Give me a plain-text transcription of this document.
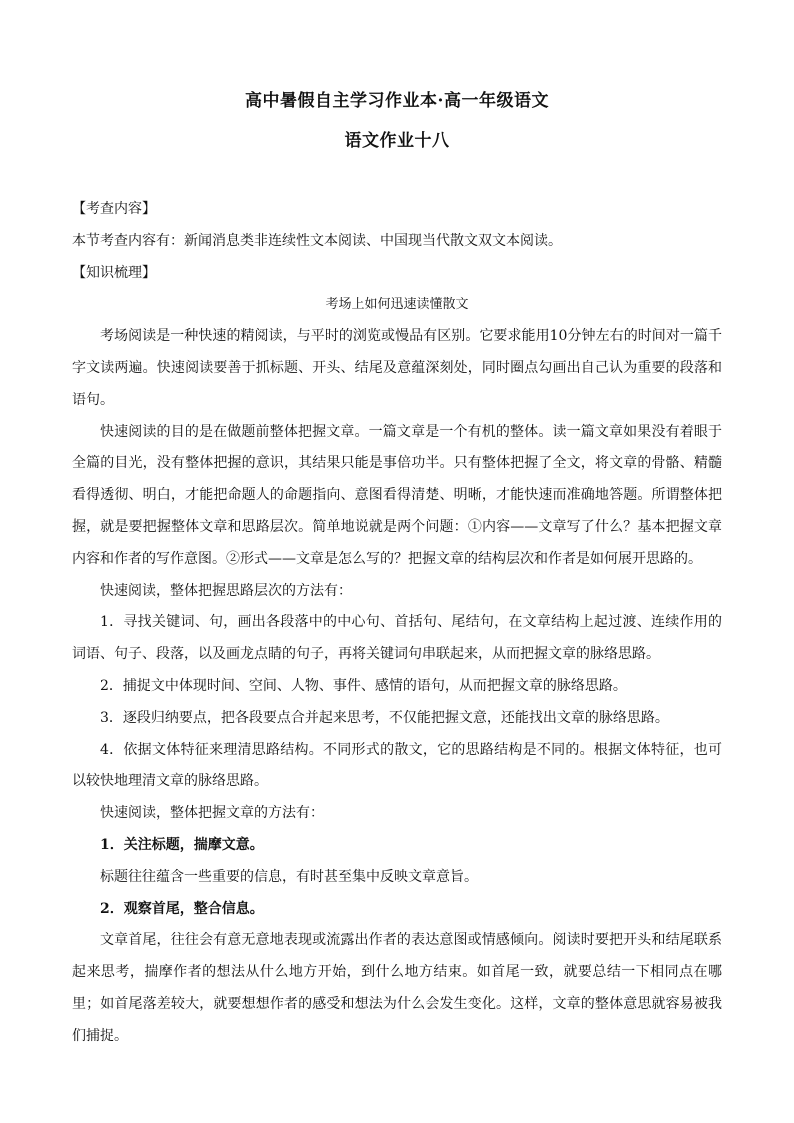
高中暑假自主学习作业本·高一年级语文
语文作业十八

【考查内容】

本节考查内容有：新闻消息类非连续性文本阅读、中国现当代散文双文本阅读。

【知识梳理】

考场上如何迅速读懂散文

考场阅读是一种快速的精阅读，与平时的浏览或慢品有区别。它要求能用10分钟左右的时间对一篇千字文读两遍。快速阅读要善于抓标题、开头、结尾及意蕴深刻处，同时圈点勾画出自己认为重要的段落和语句。

快速阅读的目的是在做题前整体把握文章。一篇文章是一个有机的整体。读一篇文章如果没有着眼于全篇的目光，没有整体把握的意识，其结果只能是事倍功半。只有整体把握了全文，将文章的骨骼、精髓看得透彻、明白，才能把命题人的命题指向、意图看得清楚、明晰，才能快速而准确地答题。所谓整体把握，就是要把握整体文章和思路层次。简单地说就是两个问题：①内容——文章写了什么？基本把握文章内容和作者的写作意图。②形式——文章是怎么写的？把握文章的结构层次和作者是如何展开思路的。

快速阅读，整体把握思路层次的方法有：

1．寻找关键词、句，画出各段落中的中心句、首括句、尾结句，在文章结构上起过渡、连续作用的词语、句子、段落，以及画龙点睛的句子，再将关键词句串联起来，从而把握文章的脉络思路。

2．捕捉文中体现时间、空间、人物、事件、感情的语句，从而把握文章的脉络思路。

3．逐段归纳要点，把各段要点合并起来思考，不仅能把握文意，还能找出文章的脉络思路。

4．依据文体特征来理清思路结构。不同形式的散文，它的思路结构是不同的。根据文体特征，也可以较快地理清文章的脉络思路。

快速阅读，整体把握文章的方法有：

1．关注标题，揣摩文意。

标题往往蕴含一些重要的信息，有时甚至集中反映文章意旨。

2．观察首尾，整合信息。

文章首尾，往往会有意无意地表现或流露出作者的表达意图或情感倾向。阅读时要把开头和结尾联系起来思考，揣摩作者的想法从什么地方开始，到什么地方结束。如首尾一致，就要总结一下相同点在哪里；如首尾落差较大，就要想想作者的感受和想法为什么会发生变化。这样，文章的整体意思就容易被我们捕捉。
